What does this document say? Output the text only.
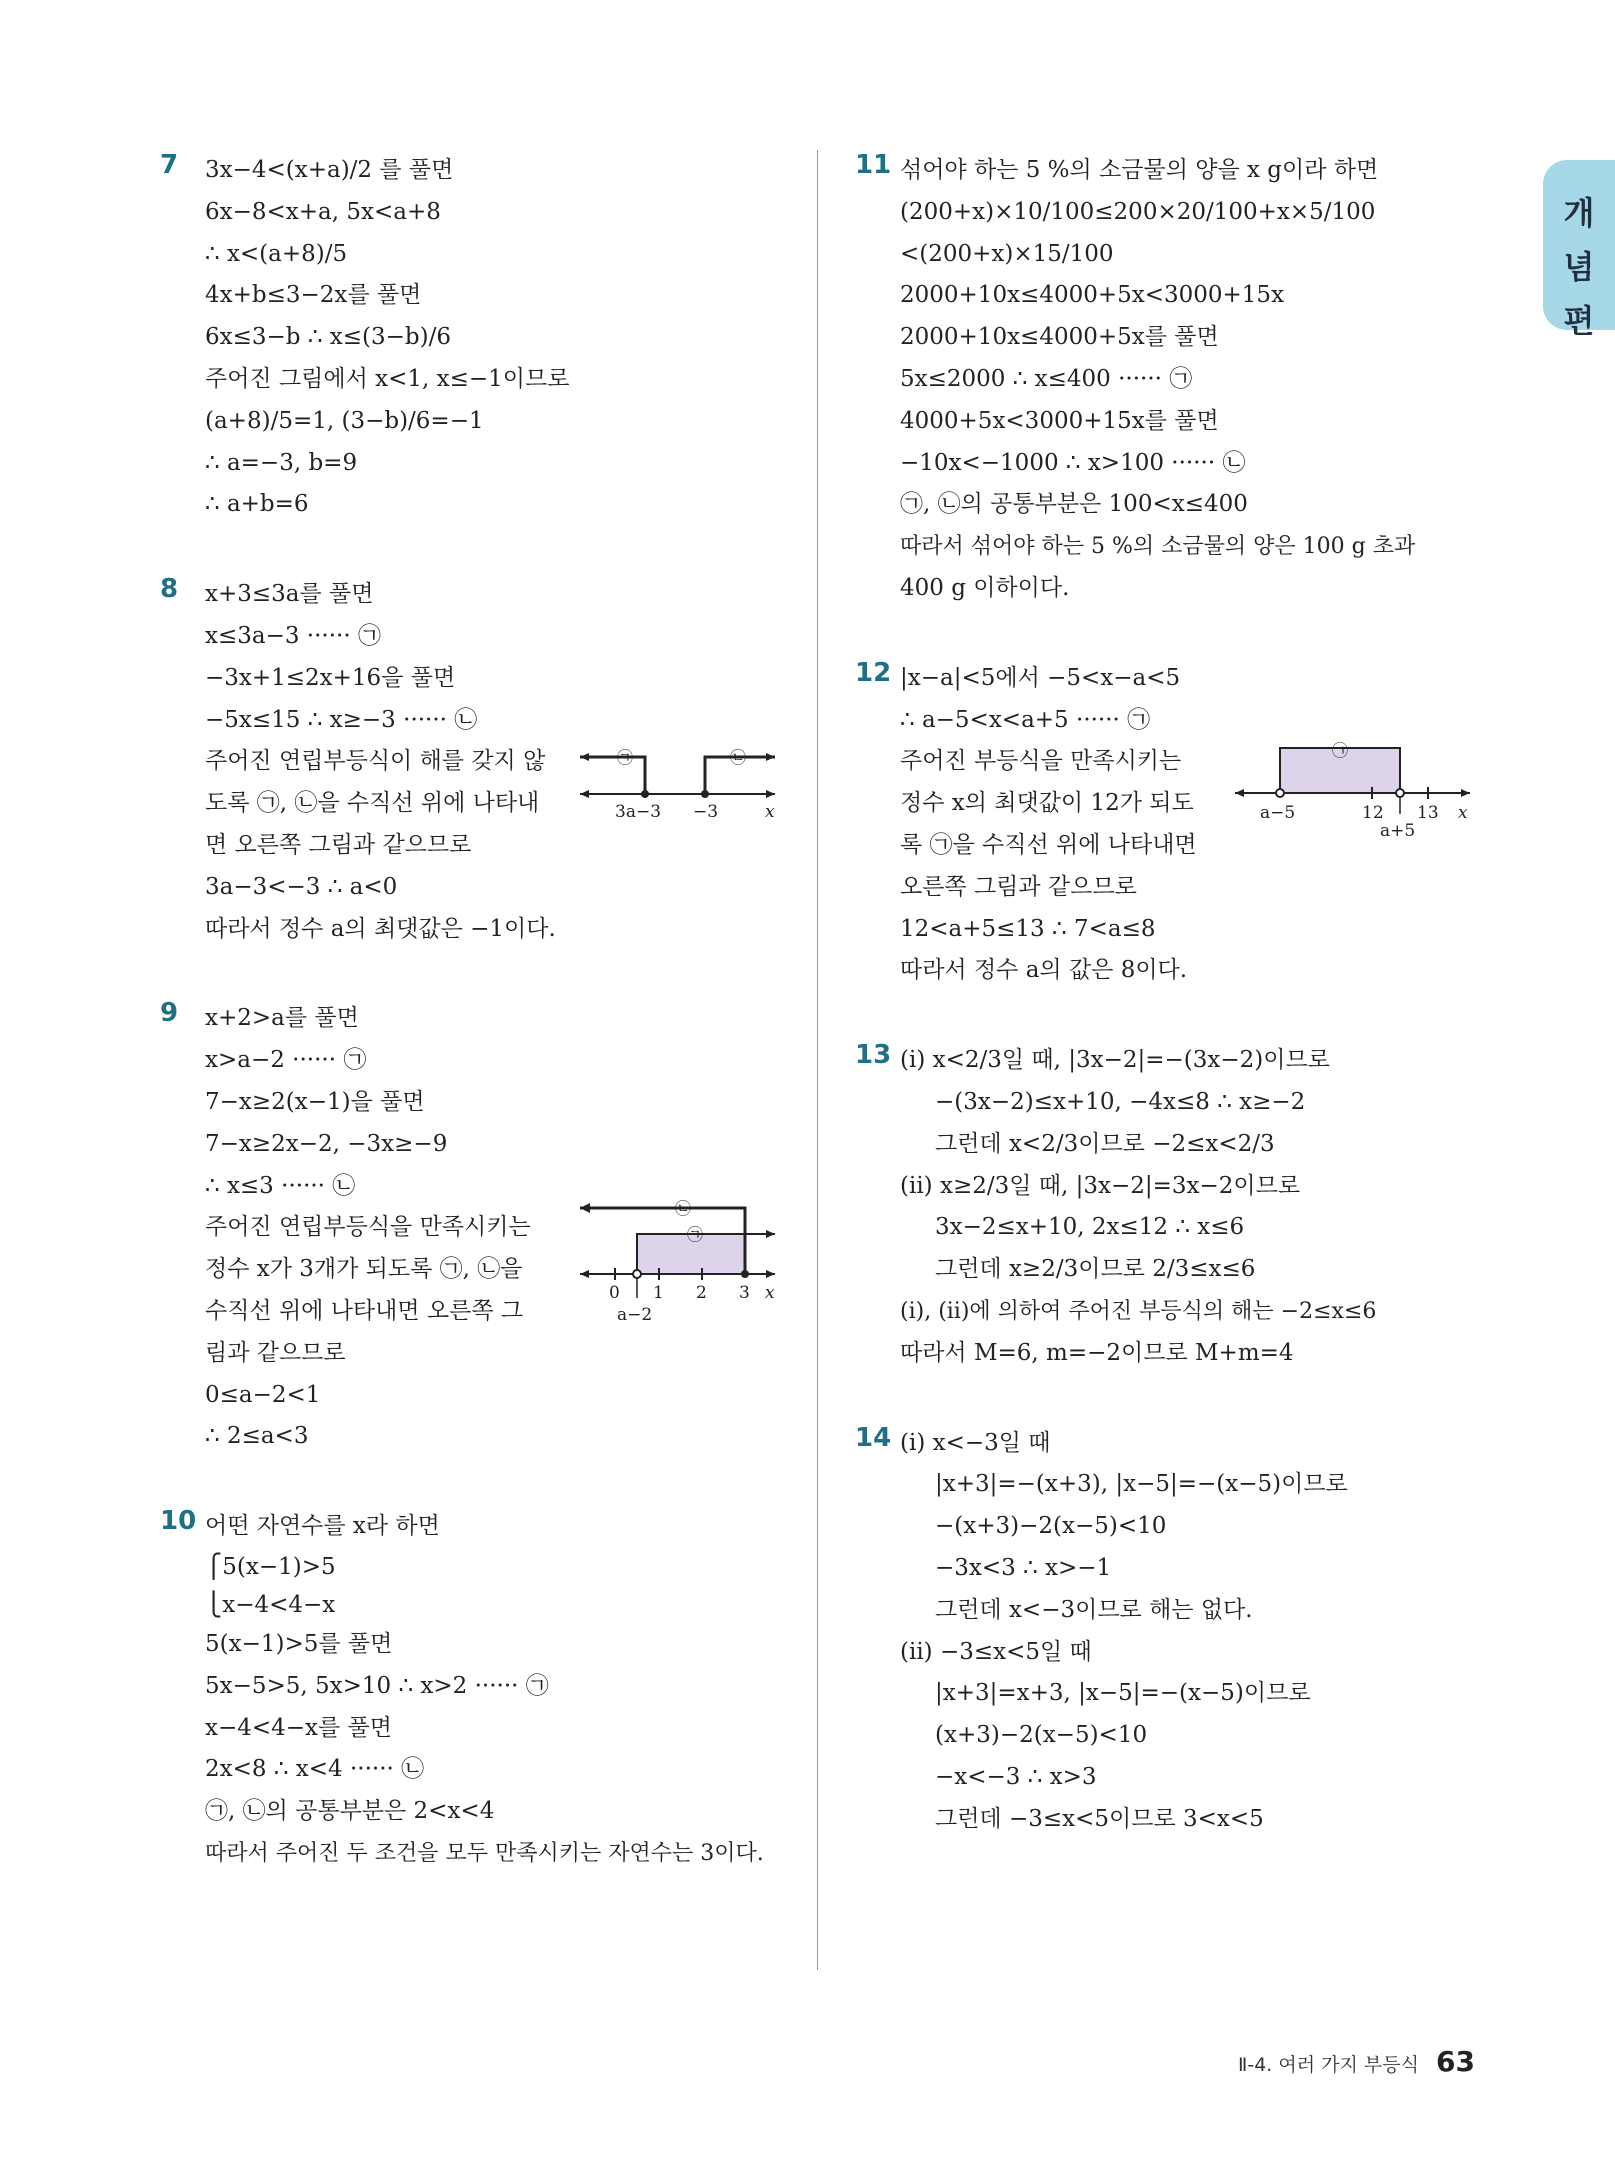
개
념
편
7	3x−4<(x+a)/2 를 풀면
6x−8<x+a, 5x<a+8
∴ x<(a+8)/5
4x+b≤3−2x를 풀면
6x≤3−b ∴ x≤(3−b)/6
주어진 그림에서 x<1, x≤−1이므로
(a+8)/5=1, (3−b)/6=−1
∴ a=−3, b=9
∴ a+b=6
8	x+3≤3a를 풀면
x≤3a−3 ······ ㉠
−3x+1≤2x+16을 풀면
−5x≤15 ∴ x≥−3 ······ ㉡
주어진 연립부등식이 해를 갖지 않
도록 ㉠, ㉡을 수직선 위에 나타내
면 오른쪽 그림과 같으므로
3a−3<−3 ∴ a<0
따라서 정수 a의 최댓값은 −1이다.
㉠	㉡
3a−3 −3	x
9	x+2>a를 풀면
x>a−2 ······ ㉠
7−x≥2(x−1)을 풀면
7−x≥2x−2, −3x≥−9
∴ x≤3 ······ ㉡
주어진 연립부등식을 만족시키는
정수 x가 3개가 되도록 ㉠, ㉡을
수직선 위에 나타내면 오른쪽 그
림과 같으므로
0≤a−2<1
∴ 2≤a<3
㉡
㉠
0 1 2 3 x
a−2
10 어떤 자연수를 x라 하면
⎧5(x−1)>5
⎩x−4<4−x
5(x−1)>5를 풀면
5x−5>5, 5x>10 ∴ x>2 ······ ㉠
x−4<4−x를 풀면
2x<8 ∴ x<4 ······ ㉡
㉠, ㉡의 공통부분은 2<x<4
따라서 주어진 두 조건을 모두 만족시키는 자연수는 3이다.
11 섞어야 하는 5 %의 소금물의 양을 x g이라 하면
(200+x)×10/100≤200×20/100+x×5/100
<(200+x)×15/100
2000+10x≤4000+5x<3000+15x
2000+10x≤4000+5x를 풀면
5x≤2000 ∴ x≤400 ······ ㉠
4000+5x<3000+15x를 풀면
−10x<−1000 ∴ x>100 ······ ㉡
㉠, ㉡의 공통부분은 100<x≤400
따라서 섞어야 하는 5 %의 소금물의 양은 100 g 초과
400 g 이하이다.
12 |x−a|<5에서 −5<x−a<5
∴ a−5<x<a+5 ······ ㉠
주어진 부등식을 만족시키는
정수 x의 최댓값이 12가 되도
록 ㉠을 수직선 위에 나타내면
오른쪽 그림과 같으므로
12<a+5≤13 ∴ 7<a≤8
따라서 정수 a의 값은 8이다.
㉠
a−5	12 13 x
a+5
13 (ⅰ) x<2/3일 때, |3x−2|=−(3x−2)이므로
−(3x−2)≤x+10, −4x≤8 ∴ x≥−2
그런데 x<2/3이므로 −2≤x<2/3
(ⅱ) x≥2/3일 때, |3x−2|=3x−2이므로
3x−2≤x+10, 2x≤12 ∴ x≤6
그런데 x≥2/3이므로 2/3≤x≤6
(ⅰ), (ⅱ)에 의하여 주어진 부등식의 해는 −2≤x≤6
따라서 M=6, m=−2이므로 M+m=4
14 (ⅰ) x<−3일 때
|x+3|=−(x+3), |x−5|=−(x−5)이므로
−(x+3)−2(x−5)<10
−3x<3 ∴ x>−1
그런데 x<−3이므로 해는 없다.
(ⅱ) −3≤x<5일 때
|x+3|=x+3, |x−5|=−(x−5)이므로
(x+3)−2(x−5)<10
−x<−3 ∴ x>3
그런데 −3≤x<5이므로 3<x<5
Ⅱ-4. 여러 가지 부등식 63
